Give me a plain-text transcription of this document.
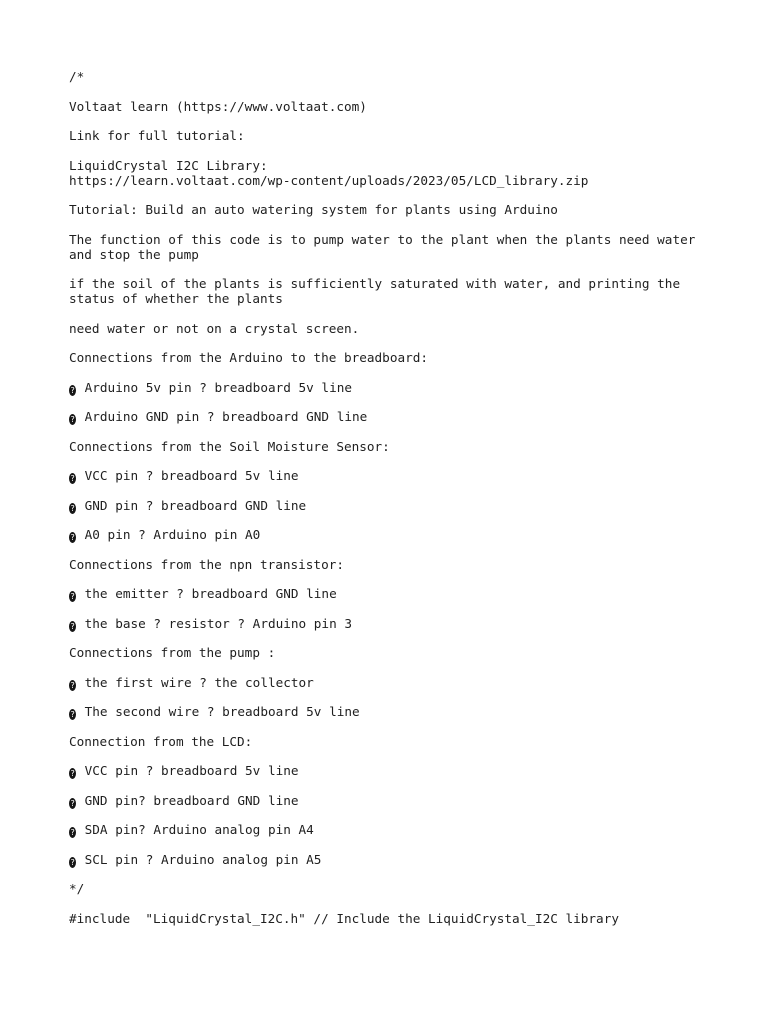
/*
Voltaat learn (https://www.voltaat.com)
Link for full tutorial:
LiquidCrystal I2C Library:
https://learn.voltaat.com/wp-content/uploads/2023/05/LCD_library.zip
Tutorial: Build an auto watering system for plants using Arduino
The function of this code is to pump water to the plant when the plants need water
and stop the pump
if the soil of the plants is sufficiently saturated with water, and printing the
status of whether the plants
need water or not on a crystal screen.
Connections from the Arduino to the breadboard:
? Arduino 5v pin ? breadboard 5v line
? Arduino GND pin ? breadboard GND line
Connections from the Soil Moisture Sensor:
? VCC pin ? breadboard 5v line
? GND pin ? breadboard GND line
? A0 pin ? Arduino pin A0
Connections from the npn transistor:
? the emitter ? breadboard GND line
? the base ? resistor ? Arduino pin 3
Connections from the pump :
? the first wire ? the collector
? The second wire ? breadboard 5v line
Connection from the LCD:
? VCC pin ? breadboard 5v line
? GND pin? breadboard GND line
? SDA pin? Arduino analog pin A4
? SCL pin ? Arduino analog pin A5
*/
#include  "LiquidCrystal_I2C.h" // Include the LiquidCrystal_I2C library
